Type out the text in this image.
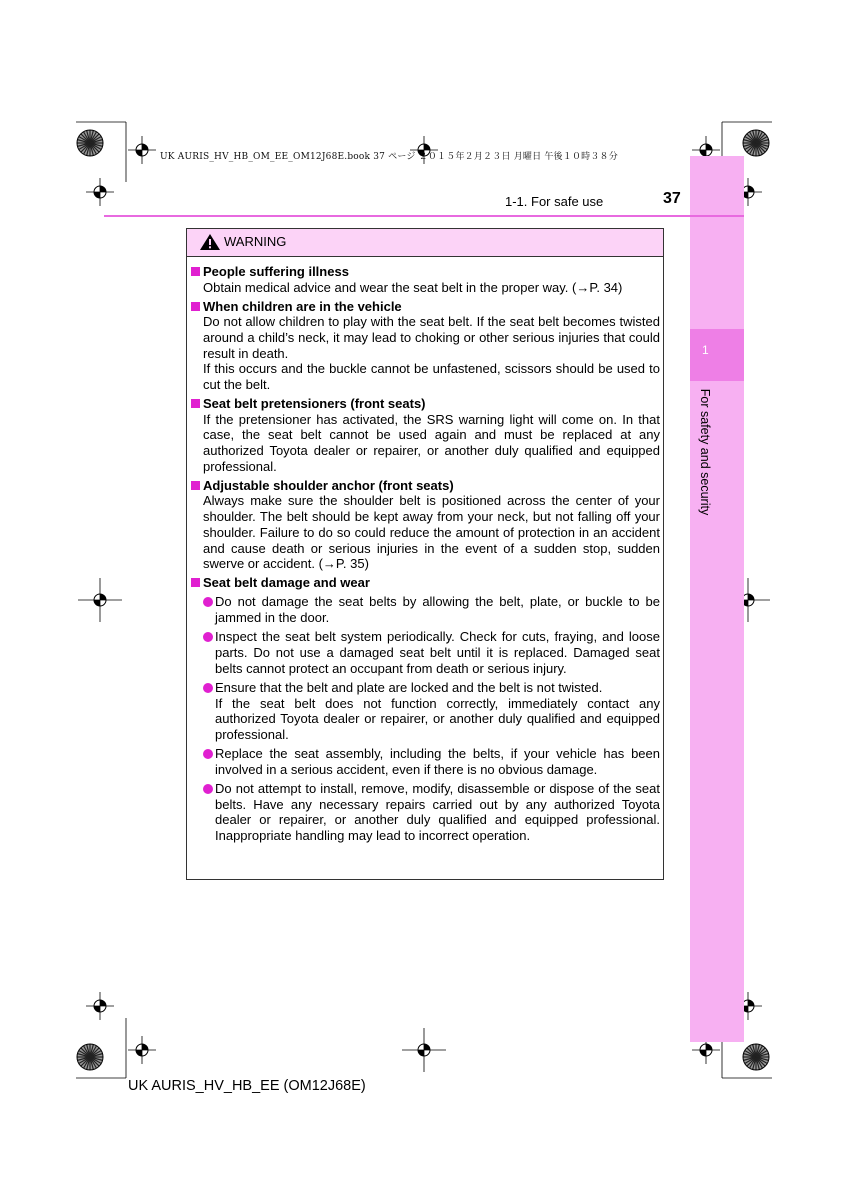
UK AURIS_HV_HB_OM_EE_OM12J68E.book 37 ページ ２０１５年２月２３日 月曜日 午後１０時３８分
1
For safety and security
1-1. For safe use	37
WARNING
People suffering illness
Obtain medical advice and wear the seat belt in the proper way. (→P. 34)
When children are in the vehicle
Do not allow children to play with the seat belt. If the seat belt becomes twisted around a child’s neck, it may lead to choking or other serious injuries that could result in death.
If this occurs and the buckle cannot be unfastened, scissors should be used to cut the belt.
Seat belt pretensioners (front seats)
If the pretensioner has activated, the SRS warning light will come on. In that case, the seat belt cannot be used again and must be replaced at any authorized Toyota dealer or repairer, or another duly qualified and equipped professional.
Adjustable shoulder anchor (front seats)
Always make sure the shoulder belt is positioned across the center of your shoulder. The belt should be kept away from your neck, but not falling off your shoulder. Failure to do so could reduce the amount of protection in an accident and cause death or serious injuries in the event of a sudden stop, sudden swerve or accident. (→P. 35)
Seat belt damage and wear
Do not damage the seat belts by allowing the belt, plate, or buckle to be jammed in the door.
Inspect the seat belt system periodically. Check for cuts, fraying, and loose parts. Do not use a damaged seat belt until it is replaced. Damaged seat belts cannot protect an occupant from death or serious injury.
Ensure that the belt and plate are locked and the belt is not twisted.
If the seat belt does not function correctly, immediately contact any authorized Toyota dealer or repairer, or another duly qualified and equipped professional.
Replace the seat assembly, including the belts, if your vehicle has been involved in a serious accident, even if there is no obvious damage.
Do not attempt to install, remove, modify, disassemble or dispose of the seat belts. Have any necessary repairs carried out by any authorized Toyota dealer or repairer, or another duly qualified and equipped professional. Inappropriate handling may lead to incorrect operation.
UK AURIS_HV_HB_EE (OM12J68E)
